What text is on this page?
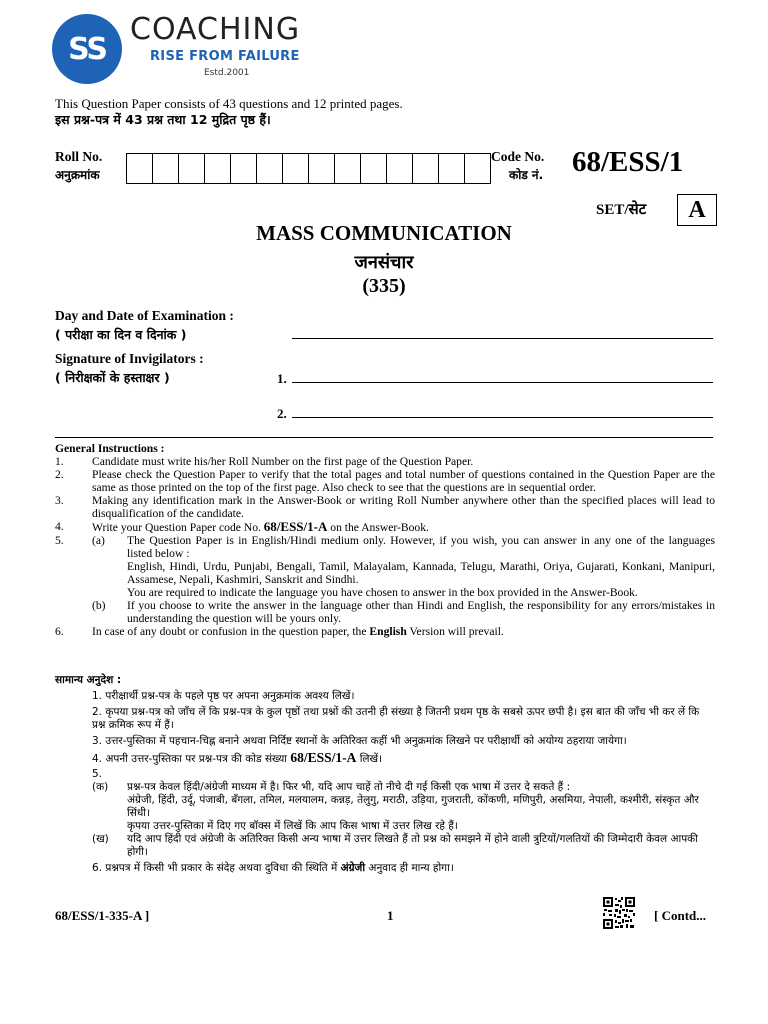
SS
COACHING
RISE FROM FAILURE
Estd.2001
This Question Paper consists of 43 questions and 12 printed pages.
इस प्रश्न-पत्र में 43 प्रश्न तथा 12 मुद्रित पृष्ठ हैं।
Roll No.
अनुक्रमांक
Code No.
कोड नं. 68/ESS/1
SET/सेट	A
MASS COMMUNICATION
जनसंचार
(335)
Day and Date of Examination :
( परीक्षा का दिन व दिनांक )
Signature of Invigilators :
( निरीक्षकों के हस्ताक्षर )	1.
2.
General Instructions :
1. Candidate must write his/her Roll Number on the first page of the Question Paper.
2. Please check the Question Paper to verify that the total pages and total number of questions contained in the Question Paper are the same as those printed on the top of the first page. Also check to see that the questions are in sequential order.
3. Making any identification mark in the Answer-Book or writing Roll Number anywhere other than the specified places will lead to disqualification of the candidate.
4. Write your Question Paper code No. 68/ESS/1-A on the Answer-Book.
5. (a) The Question Paper is in English/Hindi medium only. However, if you wish, you can answer in any one of the languages listed below :
English, Hindi, Urdu, Punjabi, Bengali, Tamil, Malayalam, Kannada, Telugu, Marathi, Oriya, Gujarati, Konkani, Manipuri, Assamese, Nepali, Kashmiri, Sanskrit and Sindhi.
You are required to indicate the language you have chosen to answer in the box provided in the Answer-Book.
(b) If you choose to write the answer in the language other than Hindi and English, the responsibility for any errors/mistakes in understanding the question will be yours only.
6. In case of any doubt or confusion in the question paper, the English Version will prevail.
सामान्य अनुदेश :
1. परीक्षार्थी प्रश्न-पत्र के पहले पृष्ठ पर अपना अनुक्रमांक अवश्य लिखें।
2. कृपया प्रश्न-पत्र को जाँच लें कि प्रश्न-पत्र के कुल पृष्ठों तथा प्रश्नों की उतनी ही संख्या है जितनी प्रथम पृष्ठ के सबसे ऊपर छपी है। इस बात की जाँच भी कर लें कि प्रश्न क्रमिक रूप में हैं।
3. उत्तर-पुस्तिका में पहचान-चिह्न बनाने अथवा निर्दिष्ट स्थानों के अतिरिक्त कहीं भी अनुक्रमांक लिखने पर परीक्षार्थी को अयोग्य ठहराया जायेगा।
4. अपनी उत्तर-पुस्तिका पर प्रश्न-पत्र की कोड संख्या 68/ESS/1-A लिखें।
5.
(क) प्रश्न-पत्र केवल हिंदी/अंग्रेजी माध्यम में है। फिर भी, यदि आप चाहें तो नीचे दी गई किसी एक भाषा में उत्तर दे सकते हैं :
अंग्रेजी, हिंदी, उर्दू, पंजाबी, बँगला, तमिल, मलयालम, कन्नड़, तेलुगु, मराठी, उड़िया, गुजराती, कोंकणी, मणिपुरी, असमिया, नेपाली, कश्मीरी, संस्कृत और सिंधी।
कृपया उत्तर-पुस्तिका में दिए गए बॉक्स में लिखें कि आप किस भाषा में उत्तर लिख रहे हैं।
(ख) यदि आप हिंदी एवं अंग्रेजी के अतिरिक्त किसी अन्य भाषा में उत्तर लिखते हैं तो प्रश्न को समझने में होने वाली त्रुटियों/गलतियों की जिम्मेदारी केवल आपकी होगी।
6. प्रश्नपत्र में किसी भी प्रकार के संदेह अथवा दुविधा की स्थिति में अंग्रेजी अनुवाद ही मान्य होगा।
68/ESS/1-335-A ]	1	[ Contd...
